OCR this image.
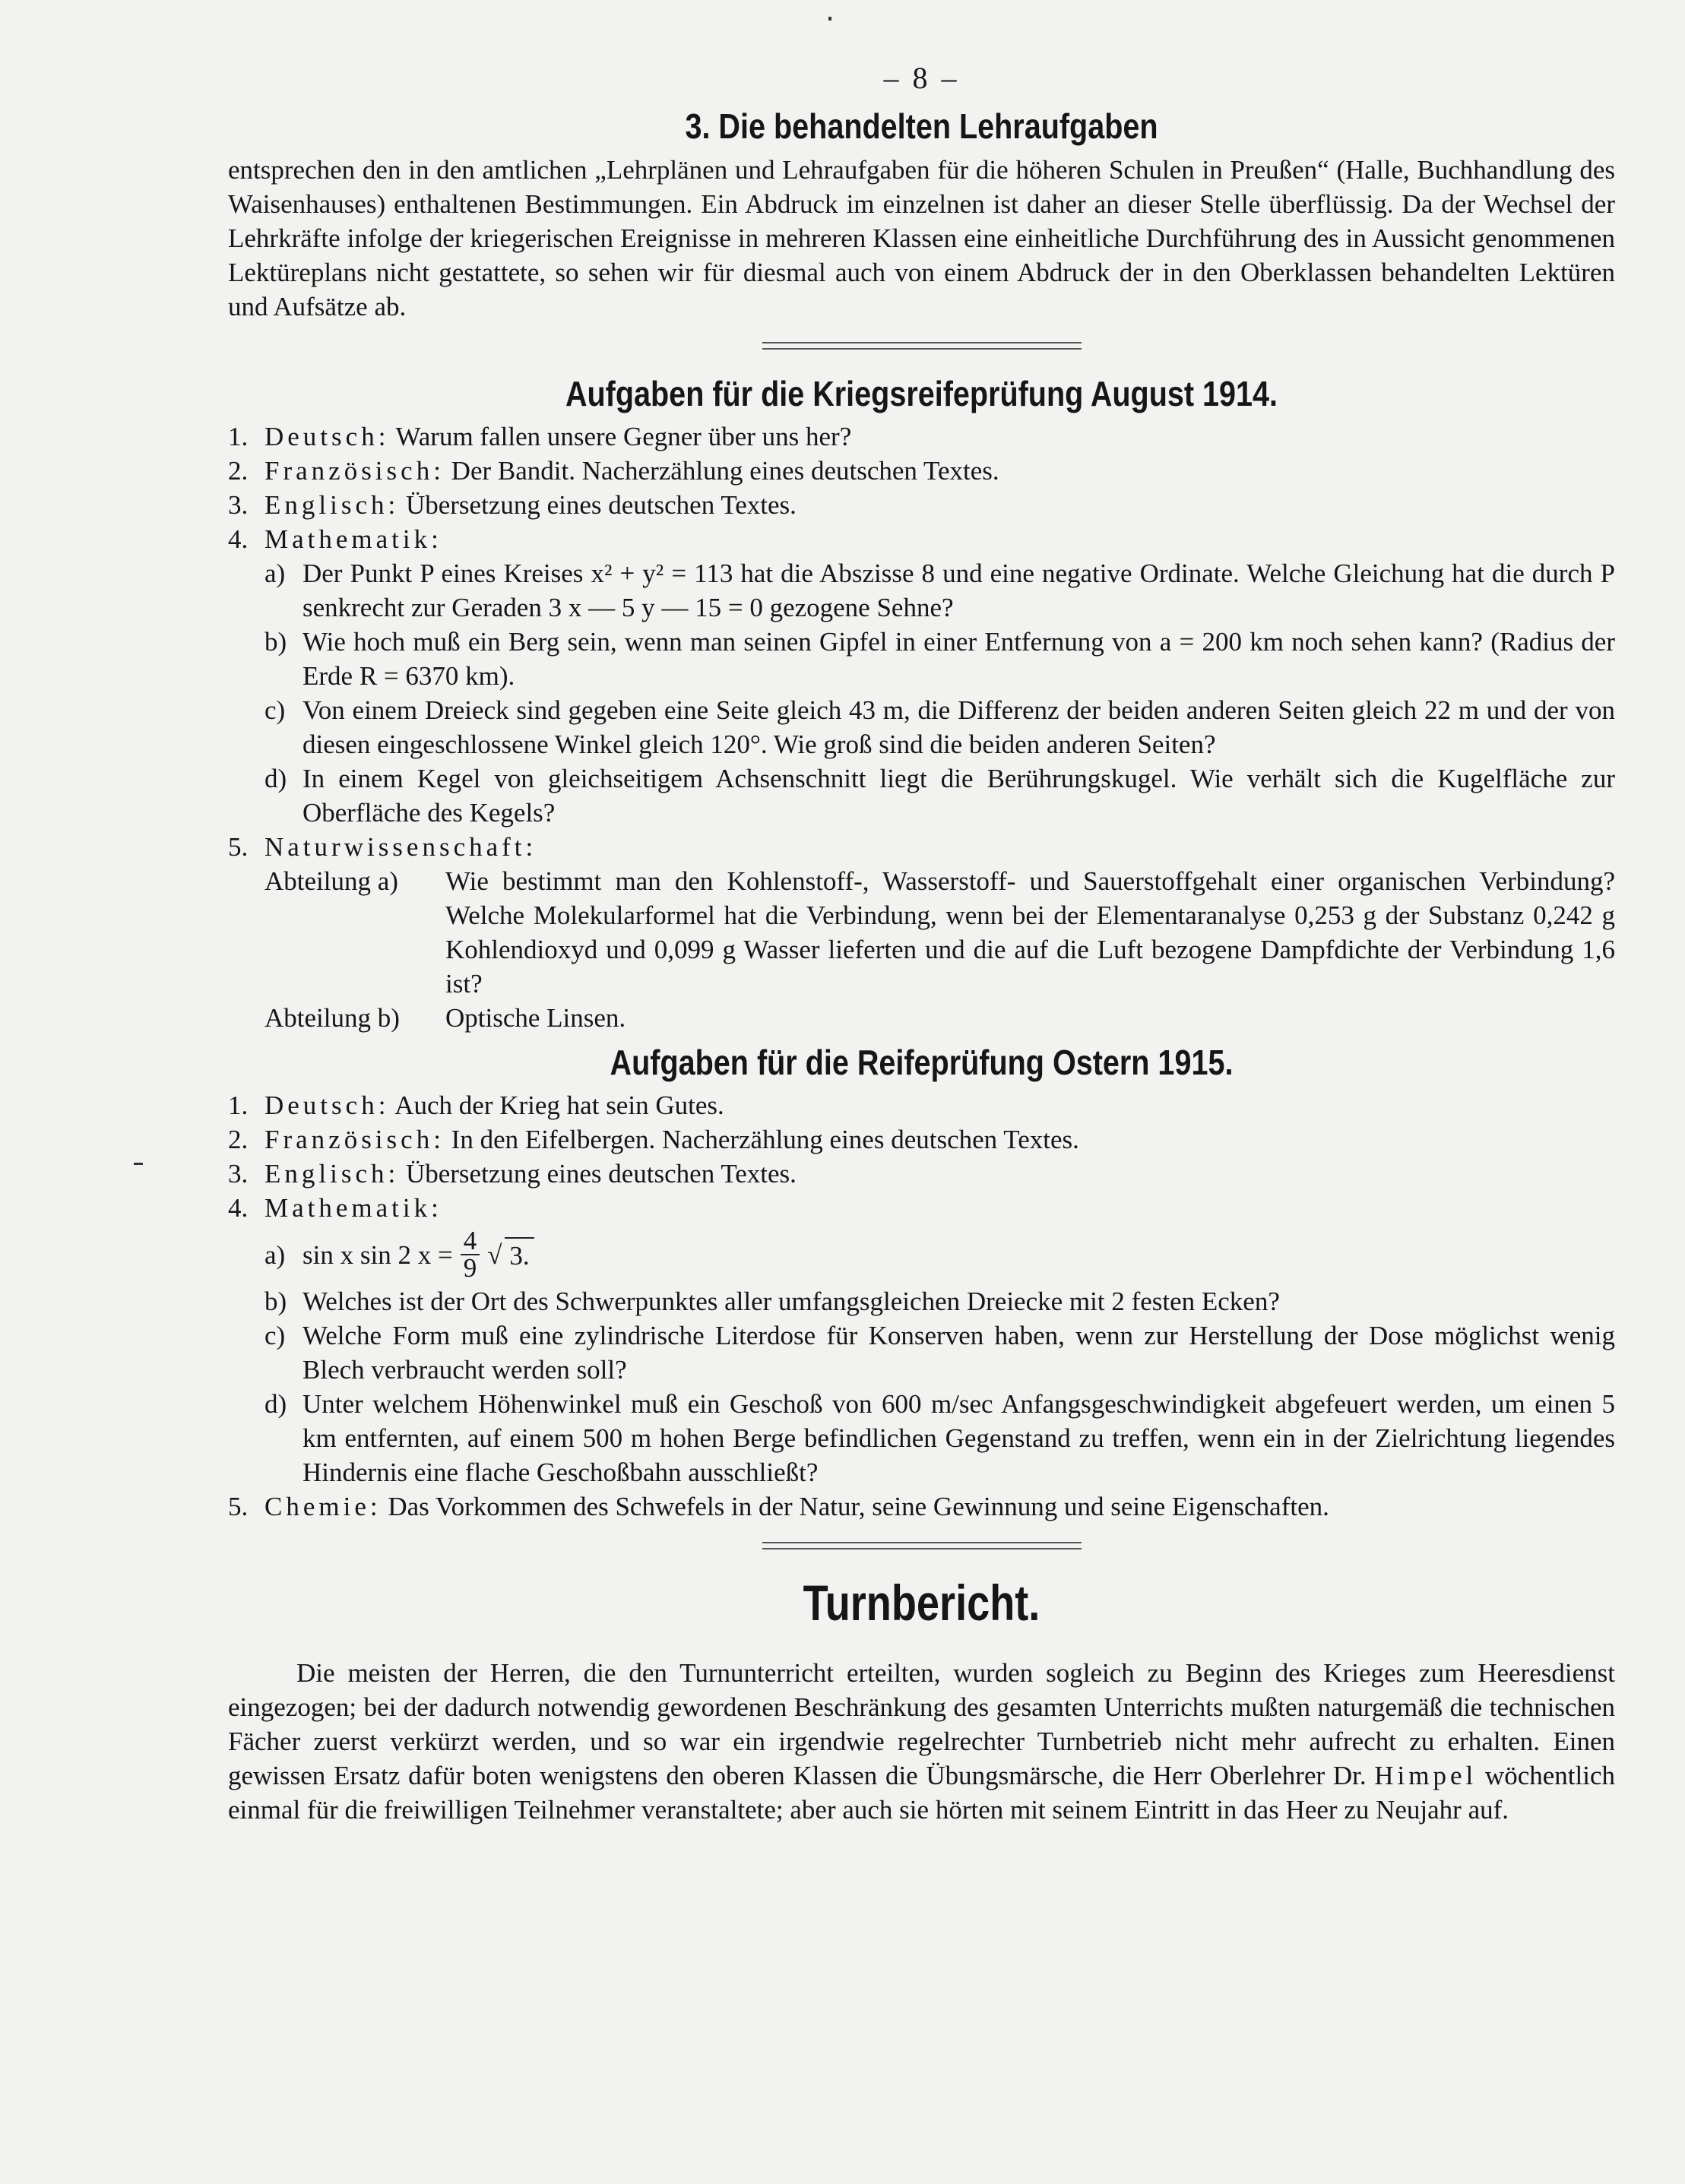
– 8 –
3. Die behandelten Lehraufgaben

entsprechen den in den amtlichen „Lehrplänen und Lehraufgaben für die höheren Schulen in Preußen“ (Halle, Buchhandlung des Waisenhauses) enthaltenen Bestimmungen. Ein Abdruck im einzelnen ist daher an dieser Stelle überflüssig. Da der Wechsel der Lehrkräfte infolge der kriegerischen Ereignisse in mehreren Klassen eine einheitliche Durchführung des in Aussicht genommenen Lektüreplans nicht gestattete, so sehen wir für diesmal auch von einem Abdruck der in den Oberklassen behandelten Lektüren und Aufsätze ab.

Aufgaben für die Kriegsreifeprüfung August 1914.
1. Deutsch: Warum fallen unsere Gegner über uns her?
2. Französisch: Der Bandit. Nacherzählung eines deutschen Textes.
3. Englisch: Übersetzung eines deutschen Textes.
4. Mathematik:
a) Der Punkt P eines Kreises x² + y² = 113 hat die Abszisse 8 und eine negative Ordinate. Welche Gleichung hat die durch P senkrecht zur Geraden 3 x — 5 y — 15 = 0 gezogene Sehne?
b) Wie hoch muß ein Berg sein, wenn man seinen Gipfel in einer Entfernung von a = 200 km noch sehen kann? (Radius der Erde R = 6370 km).
c) Von einem Dreieck sind gegeben eine Seite gleich 43 m, die Differenz der beiden anderen Seiten gleich 22 m und der von diesen eingeschlossene Winkel gleich 120°. Wie groß sind die beiden anderen Seiten?
d) In einem Kegel von gleichseitigem Achsenschnitt liegt die Berührungskugel. Wie verhält sich die Kugelfläche zur Oberfläche des Kegels?
5. Naturwissenschaft:
Abteilung a)	Wie bestimmt man den Kohlenstoff-, Wasserstoff- und Sauerstoffgehalt einer organischen Verbindung? Welche Molekularformel hat die Verbindung, wenn bei der Elementaranalyse 0,253 g der Substanz 0,242 g Kohlendioxyd und 0,099 g Wasser lieferten und die auf die Luft bezogene Dampfdichte der Verbindung 1,6 ist?
Abteilung b)	Optische Linsen.
Aufgaben für die Reifeprüfung Ostern 1915.
1. Deutsch: Auch der Krieg hat sein Gutes.
2. Französisch: In den Eifelbergen. Nacherzählung eines deutschen Textes.
3. Englisch: Übersetzung eines deutschen Textes.
4. Mathematik:
a) sin x sin 2 $x = \frac{4}{9}$ √ 3.
b) Welches ist der Ort des Schwerpunktes aller umfangsgleichen Dreiecke mit 2 festen Ecken?
c) Welche Form muß eine zylindrische Literdose für Konserven haben, wenn zur Herstellung der Dose möglichst wenig Blech verbraucht werden soll?
d) Unter welchem Höhenwinkel muß ein Geschoß von 600 m/sec Anfangsgeschwindigkeit abgefeuert werden, um einen 5 km entfernten, auf einem 500 m hohen Berge befindlichen Gegenstand zu treffen, wenn ein in der Zielrichtung liegendes Hindernis eine flache Geschoßbahn ausschließt?
5. Chemie: Das Vorkommen des Schwefels in der Natur, seine Gewinnung und seine Eigenschaften.
Turnbericht.

Die meisten der Herren, die den Turnunterricht erteilten, wurden sogleich zu Beginn des Krieges zum Heeresdienst eingezogen; bei der dadurch notwendig gewordenen Beschränkung des gesamten Unterrichts mußten naturgemäß die technischen Fächer zuerst verkürzt werden, und so war ein irgendwie regelrechter Turnbetrieb nicht mehr aufrecht zu erhalten. Einen gewissen Ersatz dafür boten wenigstens den oberen Klassen die Übungsmärsche, die Herr Oberlehrer Dr. Himpel wöchentlich einmal für die freiwilligen Teilnehmer veranstaltete; aber auch sie hörten mit seinem Eintritt in das Heer zu Neujahr auf.
